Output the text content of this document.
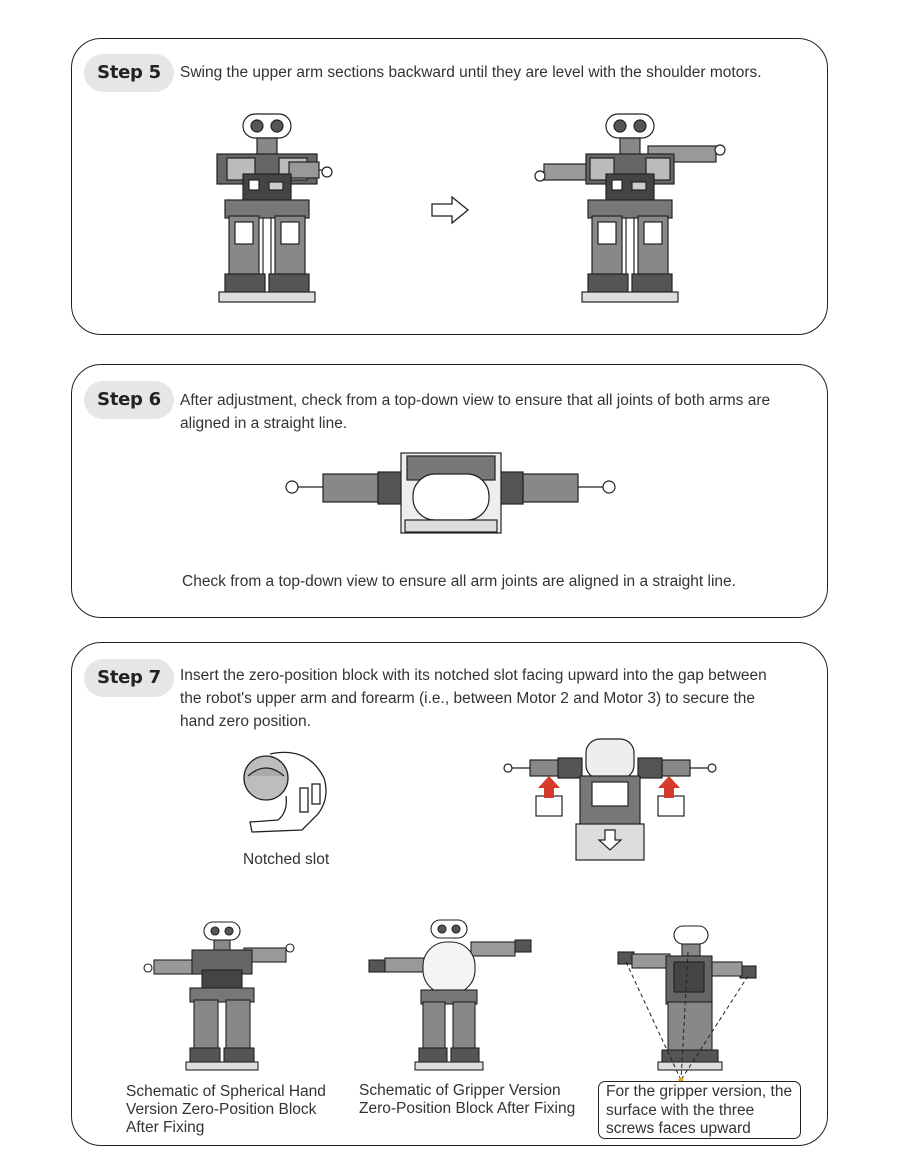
Step 5	Swing the upper arm sections backward until they are level with the shoulder motors.

Step 6	After adjustment, check from a top-down view to ensure that all joints of both arms are

aligned in a straight line.

Check from a top-down view to ensure all arm joints are aligned in a straight line.

Step 7	Insert the zero-position block with its notched slot facing upward into the gap between

the robot's upper arm and forearm (i.e., between Motor 2 and Motor 3) to secure the

hand zero position.

Notched slot

Schematic of Spherical Hand

Version Zero-Position Block

After Fixing

Schematic of Gripper Version

Zero-Position Block After Fixing

For the gripper version, the

surface with the three

screws faces upward
